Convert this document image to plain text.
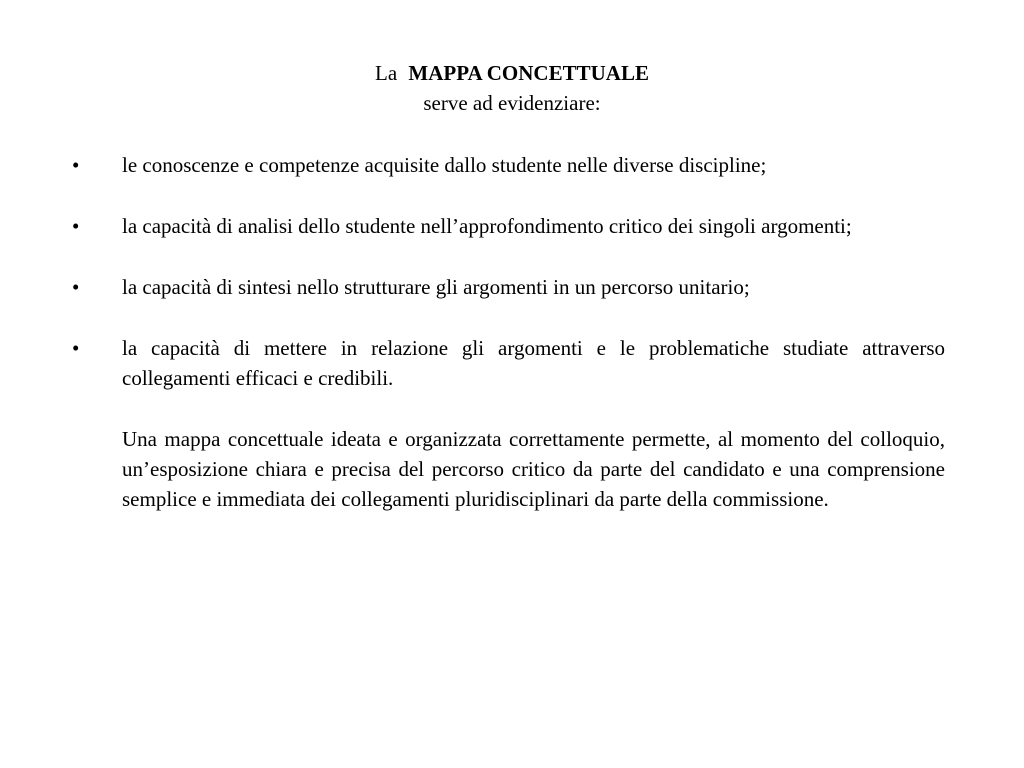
La MAPPA CONCETTUALE
serve ad evidenziare:
•	le conoscenze e competenze acquisite dallo studente nelle diverse discipline;
•	la capacità di analisi dello studente nell’approfondimento critico dei singoli argomenti;
•	la capacità di sintesi nello strutturare gli argomenti in un percorso unitario;
•	la capacità di mettere in relazione gli argomenti e le problematiche studiate attraverso collegamenti efficaci e credibili.
Una mappa concettuale ideata e organizzata correttamente permette, al momento del colloquio, un’esposizione chiara e precisa del percorso critico da parte del candidato e una comprensione semplice e immediata dei collegamenti pluridisciplinari da parte della commissione.
